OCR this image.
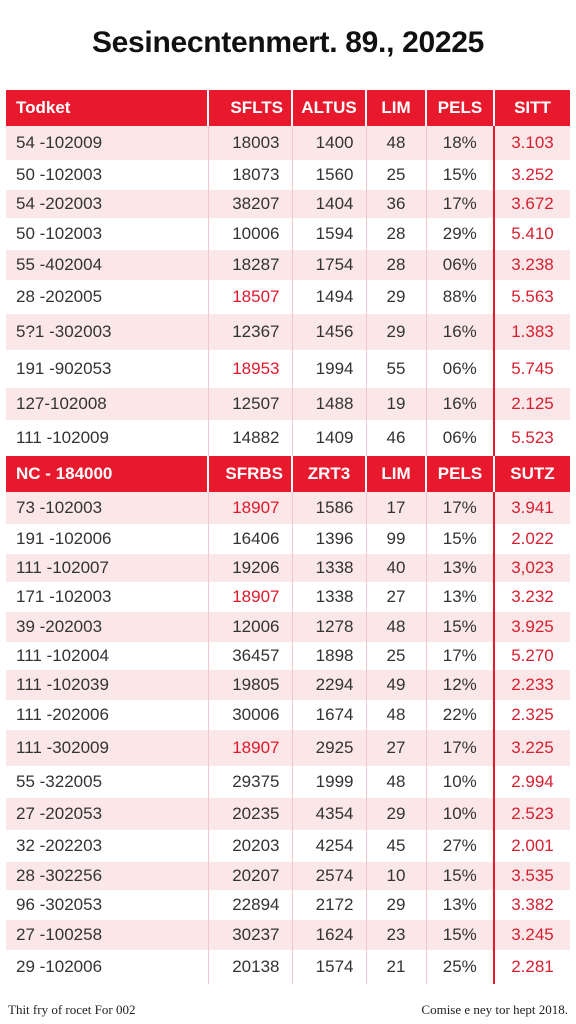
Sesinecntenmert. 89., 20225
Todket	SFLTS	ALTUS	LIM	PELS	SITT
54 -102009	18003	1400	48	18%	3.103
50 -102003	18073	1560	25	15%	3.252
54 -202003	38207	1404	36	17%	3.672
50 -102003	10006	1594	28	29%	5.410
55 -402004	18287	1754	28	06%	3.238
28 -202005	18507	1494	29	88%	5.563
5?1 -302003	12367	1456	29	16%	1.383
191 -902053	18953	1994	55	06%	5.745
127-102008	12507	1488	19	16%	2.125
111 -102009	14882	1409	46	06%	5.523
NC - 184000	SFRBS	ZRT3	LIM	PELS	SUTZ
73 -102003	18907	1586	17	17%	3.941
191 -102006	16406	1396	99	15%	2.022
111 -102007	19206	1338	40	13%	3,023
171 -102003	18907	1338	27	13%	3.232
39 -202003	12006	1278	48	15%	3.925
111 -102004	36457	1898	25	17%	5.270
111 -102039	19805	2294	49	12%	2.233
111 -202006	30006	1674	48	22%	2.325
111 -302009	18907	2925	27	17%	3.225
55 -322005	29375	1999	48	10%	2.994
27 -202053	20235	4354	29	10%	2.523
32 -202203	20203	4254	45	27%	2.001
28 -302256	20207	2574	10	15%	3.535
96 -302053	22894	2172	29	13%	3.382
27 -100258	30237	1624	23	15%	3.245
29 -102006	20138	1574	21	25%	2.281
Thit fry of rocet For 002	Comise e ney tor hept 2018.
